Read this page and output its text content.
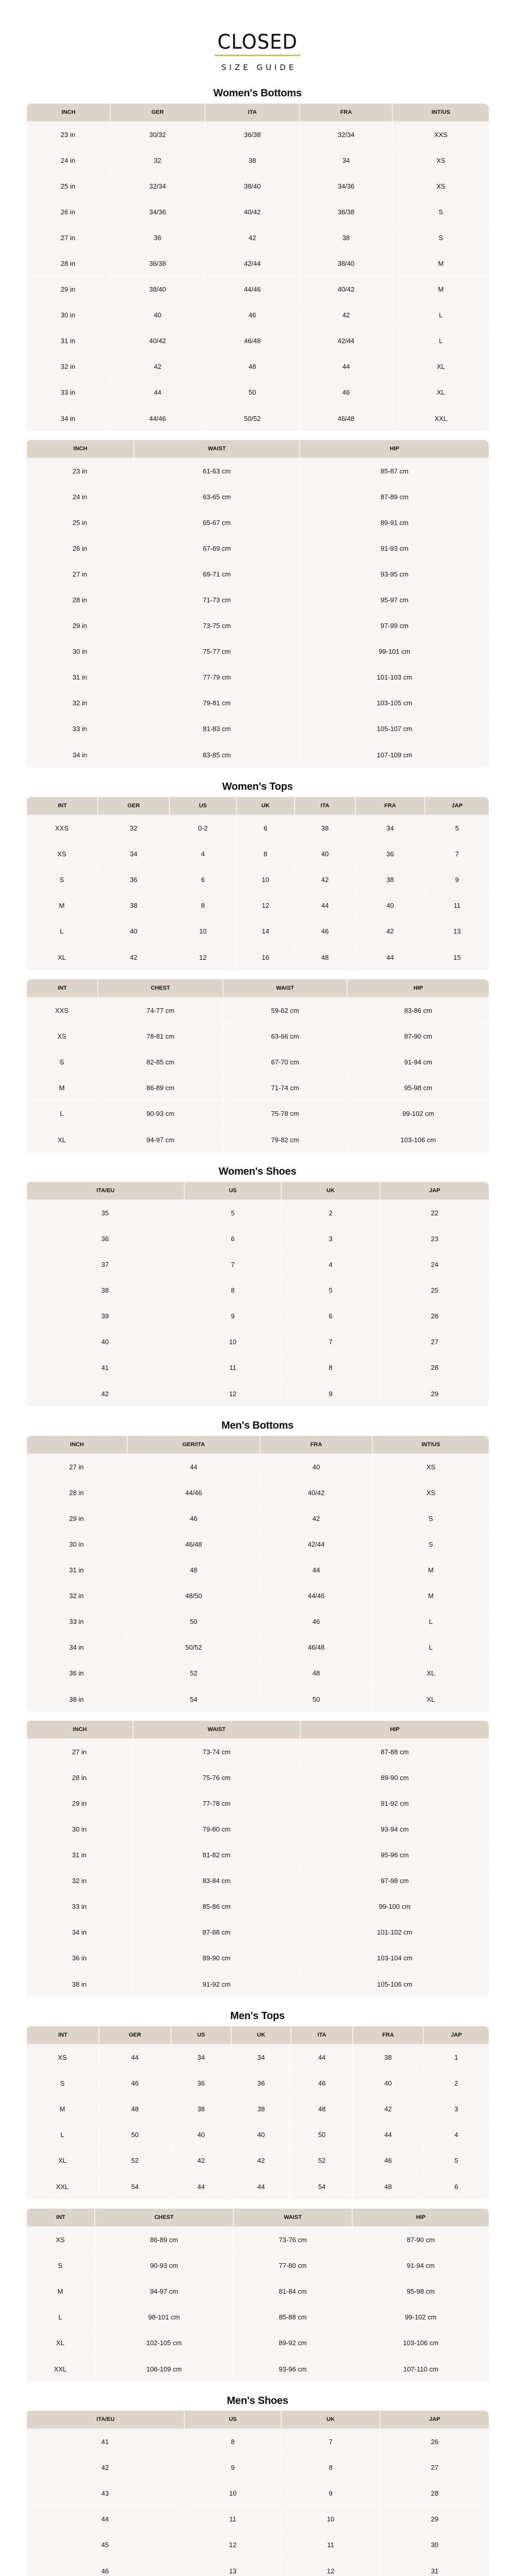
CLOSED
SIZE GUIDE
Women's Bottoms
Women's Tops
Women's Shoes
Men's Bottoms
Men's Tops
Men's Shoes
INCH	GER	ITA	FRA	INT/US
23 in	30/32	36/38	32/34	XXS
24 in	32	38	34	XS
25 in	32/34	38/40	34/36	XS
26 in	34/36	40/42	36/38	S
27 in	36	42	38	S
28 in	36/38	42/44	38/40	M
29 in	38/40	44/46	40/42	M
30 in	40	46	42	L
31 in	40/42	46/48	42/44	L
32 in	42	48	44	XL
33 in	44	50	46	XL
34 in	44/46	50/52	46/48	XXL
INCH	WAIST	HIP
23 in	61-63 cm	85-87 cm
24 in	63-65 cm	87-89 cm
25 in	65-67 cm	89-91 cm
26 in	67-69 cm	91-93 cm
27 in	69-71 cm	93-95 cm
28 in	71-73 cm	95-97 cm
29 in	73-75 cm	97-99 cm
30 in	75-77 cm	99-101 cm
31 in	77-79 cm	101-103 cm
32 in	79-81 cm	103-105 cm
33 in	81-83 cm	105-107 cm
34 in	83-85 cm	107-109 cm
INT	GER	US	UK	ITA	FRA	JAP
XXS	32	0-2	6	38	34	5
XS	34	4	8	40	36	7
S	36	6	10	42	38	9
M	38	8	12	44	40	11
L	40	10	14	46	42	13
XL	42	12	16	48	44	15
INT	CHEST	WAIST	HIP
XXS	74-77 cm	59-62 cm	83-86 cm
XS	78-81 cm	63-66 cm	87-90 cm
S	82-85 cm	67-70 cm	91-94 cm
M	86-89 cm	71-74 cm	95-98 cm
L	90-93 cm	75-78 cm	99-102 cm
XL	94-97 cm	79-82 cm	103-106 cm
ITA/EU	US	UK	JAP
35	5	2	22
36	6	3	23
37	7	4	24
38	8	5	25
39	9	6	26
40	10	7	27
41	11	8	28
42	12	9	29
INCH	GER/ITA	FRA	INT/US
27 in	44	40	XS
28 in	44/46	40/42	XS
29 in	46	42	S
30 in	46/48	42/44	S
31 in	48	44	M
32 in	48/50	44/46	M
33 in	50	46	L
34 in	50/52	46/48	L
36 in	52	48	XL
38 in	54	50	XL
INCH	WAIST	HIP
27 in	73-74 cm	87-88 cm
28 in	75-76 cm	89-90 cm
29 in	77-78 cm	91-92 cm
30 in	79-80 cm	93-94 cm
31 in	81-82 cm	95-96 cm
32 in	83-84 cm	97-98 cm
33 in	85-86 cm	99-100 cm
34 in	87-88 cm	101-102 cm
36 in	89-90 cm	103-104 cm
38 in	91-92 cm	105-106 cm
INT	GER	US	UK	ITA	FRA	JAP
XS	44	34	34	44	38	1
S	46	36	36	46	40	2
M	48	38	38	48	42	3
L	50	40	40	50	44	4
XL	52	42	42	52	46	5
XXL	54	44	44	54	48	6
INT	CHEST	WAIST	HIP
XS	86-89 cm	73-76 cm	87-90 cm
S	90-93 cm	77-80 cm	91-94 cm
M	94-97 cm	81-84 cm	95-98 cm
L	98-101 cm	85-88 cm	99-102 cm
XL	102-105 cm	89-92 cm	103-106 cm
XXL	106-109 cm	93-96 cm	107-110 cm
ITA/EU	US	UK	JAP
41	8	7	26
42	9	8	27
43	10	9	28
44	11	10	29
45	12	11	30
46	13	12	31
